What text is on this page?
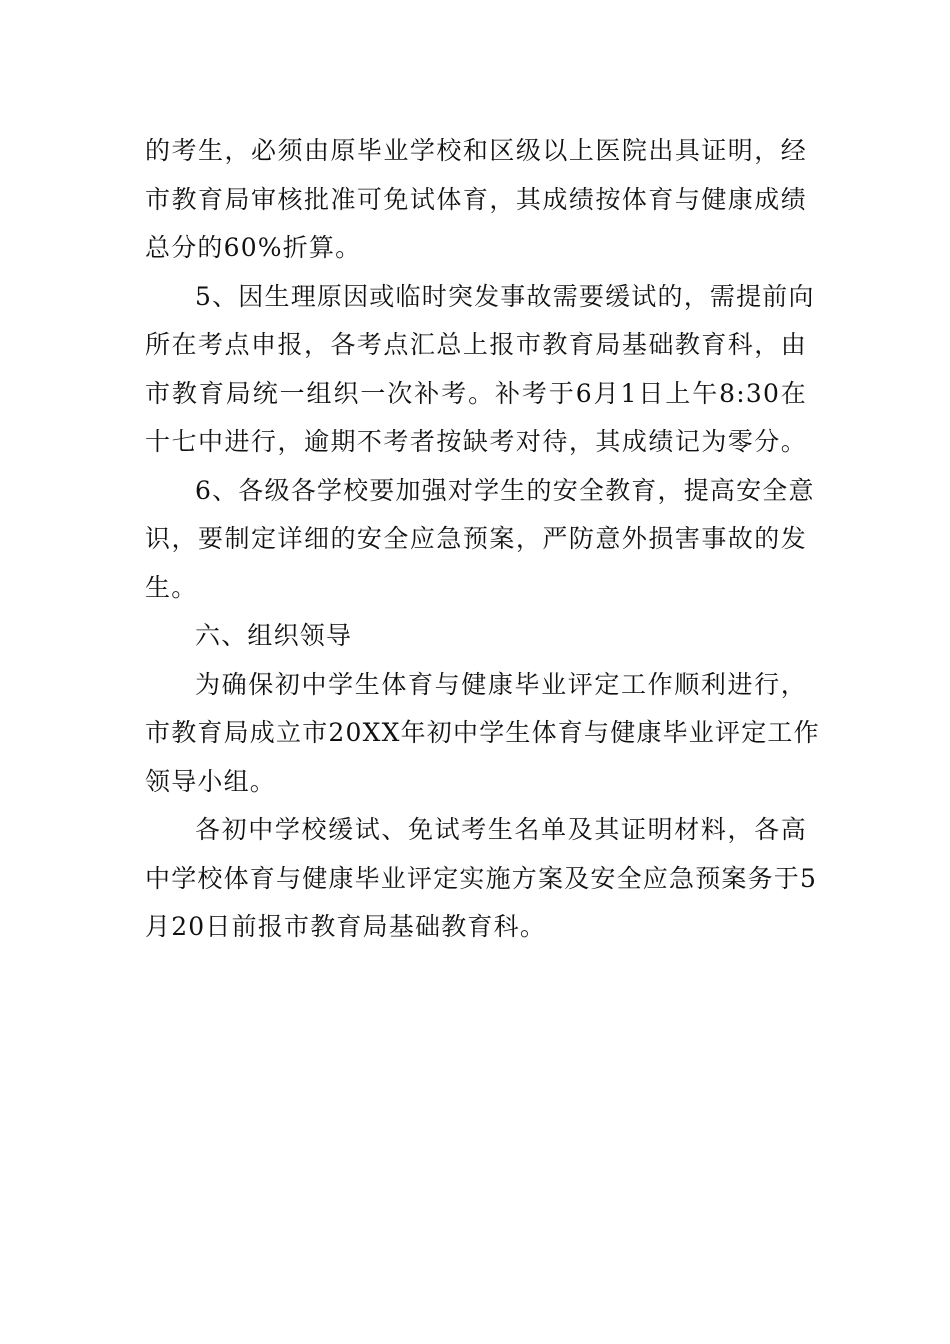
的考生，必须由原毕业学校和区级以上医院出具证明，经
市教育局审核批准可免试体育，其成绩按体育与健康成绩
总分的60%折算。
5、因生理原因或临时突发事故需要缓试的，需提前向
所在考点申报，各考点汇总上报市教育局基础教育科，由
市教育局统一组织一次补考。补考于6月1日上午8:30在
十七中进行，逾期不考者按缺考对待，其成绩记为零分。
6、各级各学校要加强对学生的安全教育，提高安全意
识，要制定详细的安全应急预案，严防意外损害事故的发
生。
六、组织领导
为确保初中学生体育与健康毕业评定工作顺利进行，
市教育局成立市20XX年初中学生体育与健康毕业评定工作
领导小组。
各初中学校缓试、免试考生名单及其证明材料，各高
中学校体育与健康毕业评定实施方案及安全应急预案务于5
月20日前报市教育局基础教育科。
